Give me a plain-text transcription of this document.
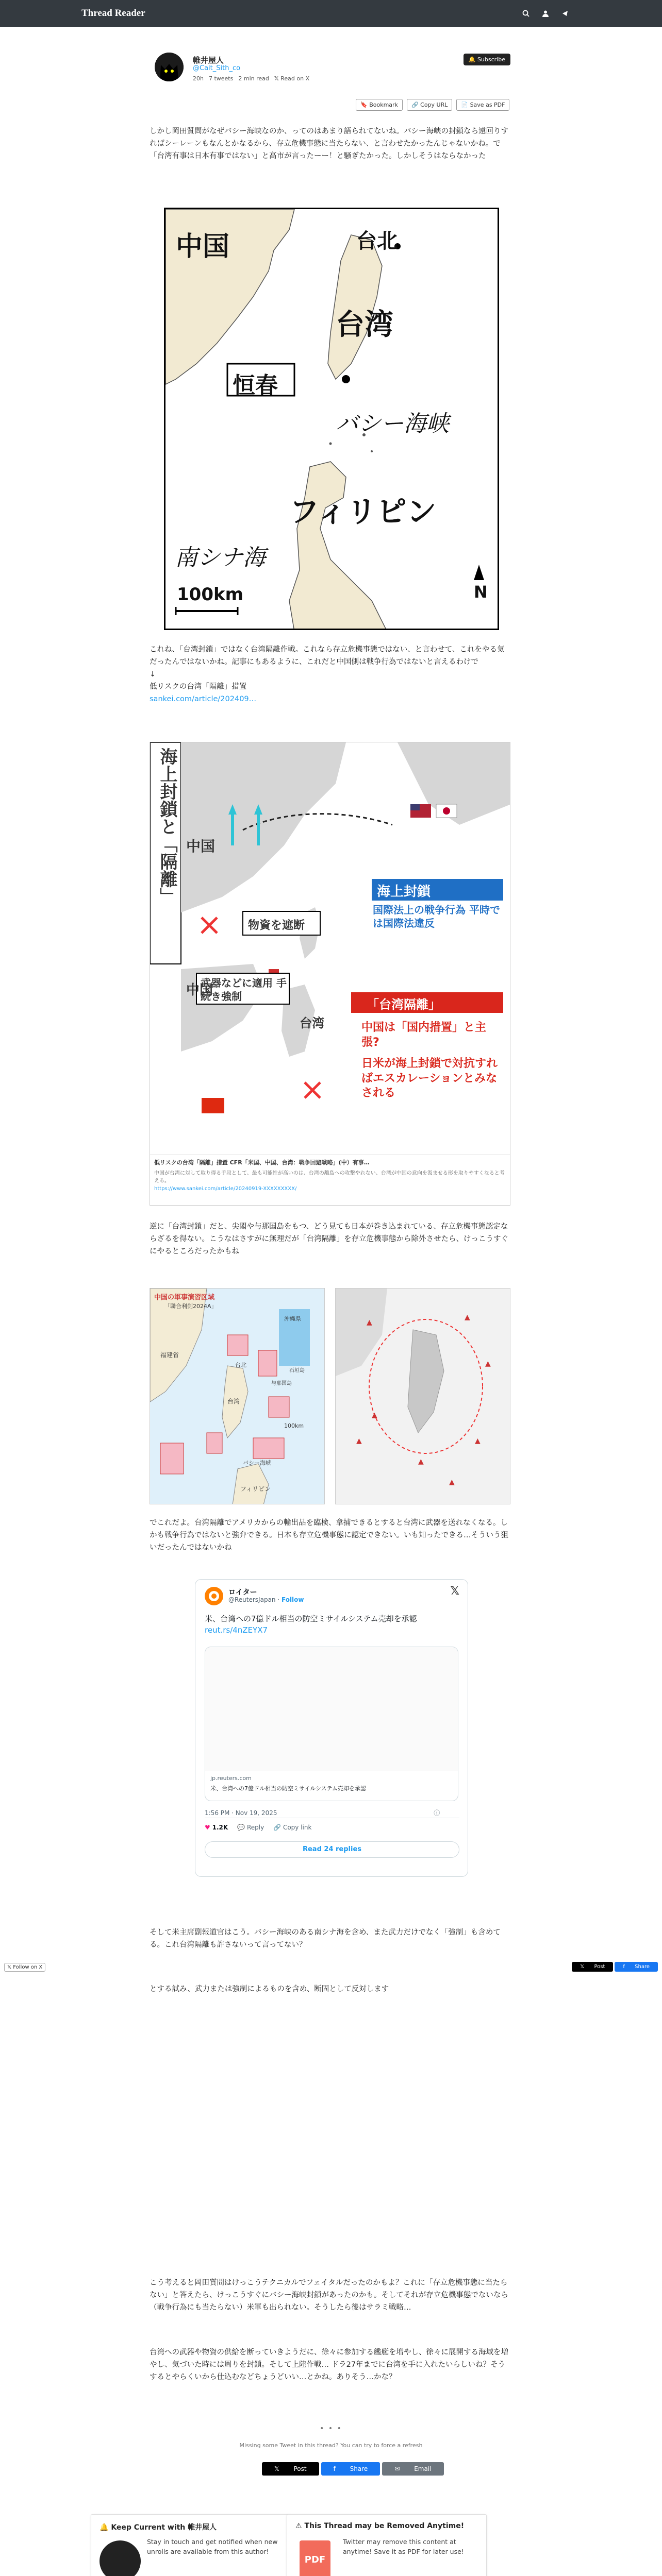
Thread Reader
帷井屋人
@Cait_Sith_co
20h 7 tweets 2 min read 𝕏 Read on X
🔔 Subscribe
🔖 Bookmark	🔗 Copy URL	📄 Save as PDF
しかし岡田質問がなぜバシー海峡なのか、ってのはあまり語られてないね。バシー海峡の封鎖なら遠回りすればシーレーンもなんとかなるから、存立危機事態に当たらない、と言わせたかったんじゃないかね。で「台湾有事は日本有事ではない」と高市が言ったーー！と騒ぎたかった。しかしそうはならなかった
中国	台北
台湾
恒春
バシー海峡
フィリピン
南シナ海
100km	N
これね、「台湾封鎖」ではなく台湾隔離作戦。これなら存立危機事態ではない、と言わせて、これをやる気だったんではないかね。記事にもあるように、これだと中国側は戦争行為ではないと言えるわけで
↓
低リスクの台湾「隔離」措置
sankei.com/article/202409…
海上封鎖と「隔離」 中国
中国
台湾
海上封鎖
国際法上の戦争行為 平時では国際法違反
物資を遮断
武器などに適用 手続き強制
「台湾隔離」
中国は「国内措置」と主張?
日米が海上封鎖で対抗すればエスカレーションとみなされる
低リスクの台湾「隔離」措置 CFR「米国、中国、台湾：戦争回避戦略」(中）有事…
中国が台湾に対して取り得る手段として、最も可能性が高いのは、台湾の離島への攻撃やれない、台湾が中国の意向を汲ませる形を取りやすくなると考える。
https://www.sankei.com/article/20240919-XXXXXXXXX/
逆に「台湾封鎖」だと、尖閣や与那国島をもつ、どう見ても日本が巻き込まれている、存立危機事態認定ならざるを得ない。こうなはさすがに無理だが「台湾隔離」を存立危機事態から除外させたら、けっこうすぐにやるところだったかもね
中国の軍事演習区域
「聯合利剣2024A」
福建省
台湾
台北
沖縄県
与那国島
石垣島
フィリピン
バシー海峡
100km
▲
▲
▲
▲
▲
▲
▲
▲
でこれだよ。台湾隔離でアメリカからの輸出品を臨検、拿捕できるとすると台湾に武器を送れなくなる。しかも戦争行為ではないと強弁できる。日本も存立危機事態に認定できない。いも知ったできる…そういう狙いだったんではないかね
ロイター
@ReutersJapan · Follow
𝕏
米、台湾への7億ドル相当の防空ミサイルシステム売却を承認
reut.rs/4nZEYX7
jp.reuters.com
米、台湾への7億ドル相当の防空ミサイルシステム売却を承認
1:56 PM · Nov 19, 2025	ⓘ
♥ 1.2K 💬 Reply 🔗 Copy link
Read 24 replies
そして米主席副報道官はこう。バシー海峡のある南シナ海を含め、また武力だけでなく「強制」も含めてる。これ台湾隔離も許さないって言ってない？
𝕏 Follow on X	𝕏 Post	f Share
とする試み、武力または強制によるものを含め、断固として反対します
こう考えると岡田質問はけっこうテクニカルでフェイタルだったのかもよ？これに「存立危機事態に当たらない」と答えたら、けっこうすぐにバシー海峡封鎖があったのかも。そしてそれが存立危機事態でないなら（戦争行為にも当たらない）米軍も出られない。そうしたら後はサラミ戦略…
台湾への武器や物資の供給を断っていきようだに、徐々に参加する艦艇を増やし、徐々に展開する海域を増やし、気づいた時には周りを封鎖。そして上陸作戦… ドラ27年までに台湾を手に入れたいらしいね？そうするとやらくいから仕込むなどちょうどいい…とかね。ありそう…かな？
• • •
Missing some Tweet in this thread? You can try to force a refresh
𝕏 Post	f Share	✉ Email
🔔 Keep Current with 帷井屋人
Stay in touch and get notified when new unrolls are available from this author!
⚠ This Thread may be Removed Anytime!
PDF
Twitter may remove this content at anytime! Save it as PDF for later use!
